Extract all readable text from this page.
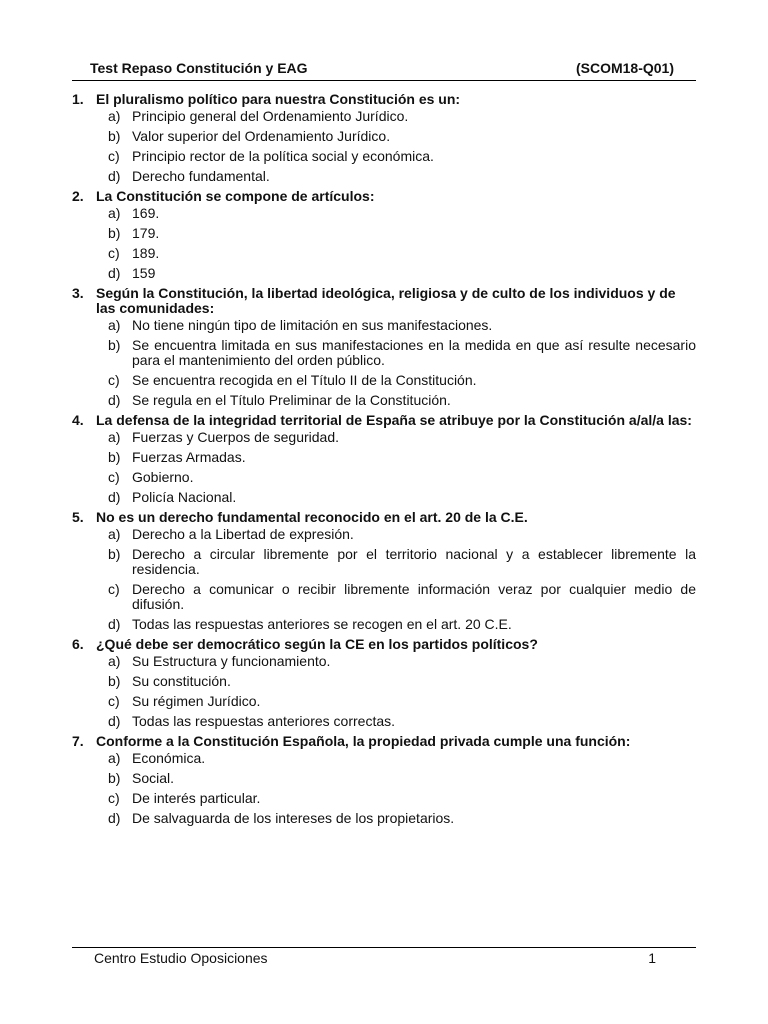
Test Repaso Constitución y EAG	(SCOM18-Q01)
1. El pluralismo político para nuestra Constitución es un:
a) Principio general del Ordenamiento Jurídico.
b) Valor superior del Ordenamiento Jurídico.
c) Principio rector de la política social y económica.
d) Derecho fundamental.
2. La Constitución se compone de artículos:
a) 169.
b) 179.
c) 189.
d) 159
3. Según la Constitución, la libertad ideológica, religiosa y de culto de los individuos y de las comunidades:
a) No tiene ningún tipo de limitación en sus manifestaciones.
b) Se encuentra limitada en sus manifestaciones en la medida en que así resulte necesario para el mantenimiento del orden público.
c) Se encuentra recogida en el Título II de la Constitución.
d) Se regula en el Título Preliminar de la Constitución.
4. La defensa de la integridad territorial de España se atribuye por la Constitución a/al/a las:
a) Fuerzas y Cuerpos de seguridad.
b) Fuerzas Armadas.
c) Gobierno.
d) Policía Nacional.
5. No es un derecho fundamental reconocido en el art. 20 de la C.E.
a) Derecho a la Libertad de expresión.
b) Derecho a circular libremente por el territorio nacional y a establecer libremente la residencia.
c) Derecho a comunicar o recibir libremente información veraz por cualquier medio de difusión.
d) Todas las respuestas anteriores se recogen en el art. 20 C.E.
6. ¿Qué debe ser democrático según la CE en los partidos políticos?
a) Su Estructura y funcionamiento.
b) Su constitución.
c) Su régimen Jurídico.
d) Todas las respuestas anteriores correctas.
7. Conforme a la Constitución Española, la propiedad privada cumple una función:
a) Económica.
b) Social.
c) De interés particular.
d) De salvaguarda de los intereses de los propietarios.
Centro Estudio Oposiciones	1
